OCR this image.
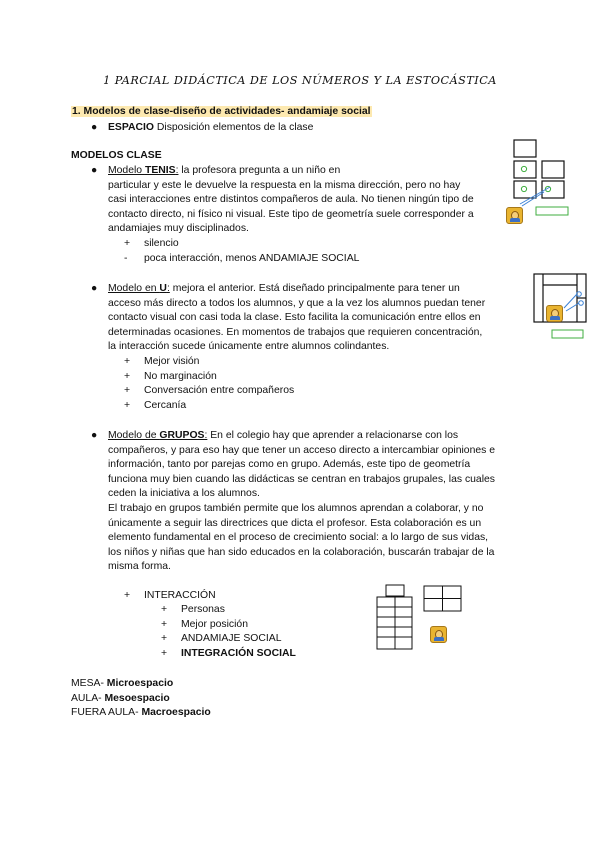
1 PARCIAL DIDÁCTICA DE LOS NÚMEROS Y LA ESTOCÁSTICA
1. Modelos de clase-diseño de actividades- andamiaje social
● ESPACIO Disposición elementos de la clase
MODELOS CLASE
● Modelo TENIS: la profesora pregunta a un niño en
particular y este le devuelve la respuesta en la misma dirección, pero no hay
casi interacciones entre distintos compañeros de aula. No tienen ningún tipo de
contacto directo, ni físico ni visual. Este tipo de geometría suele corresponder a
andamiajes muy disciplinados.
+ silencio
- poca interacción, menos ANDAMIAJE SOCIAL
● Modelo en U: mejora el anterior. Está diseñado principalmente para tener un
acceso más directo a todos los alumnos, y que a la vez los alumnos puedan tener
contacto visual con casi toda la clase. Esto facilita la comunicación entre ellos en
determinadas ocasiones. En momentos de trabajos que requieren concentración,
la interacción sucede únicamente entre alumnos colindantes.
+ Mejor visión
+ No marginación
+ Conversación entre compañeros
+ Cercanía
● Modelo de GRUPOS: En el colegio hay que aprender a relacionarse con los
compañeros, y para eso hay que tener un acceso directo a intercambiar opiniones e
información, tanto por parejas como en grupo. Además, este tipo de geometría
funciona muy bien cuando las didácticas se centran en trabajos grupales, las cuales
ceden la iniciativa a los alumnos.
El trabajo en grupos también permite que los alumnos aprendan a colaborar, y no
únicamente a seguir las directrices que dicta el profesor. Esta colaboración es un
elemento fundamental en el proceso de crecimiento social: a lo largo de sus vidas,
los niños y niñas que han sido educados en la colaboración, buscarán trabajar de la
misma forma.
+ INTERACCIÓN
+ Personas
+ Mejor posición
+ ANDAMIAJE SOCIAL
+ INTEGRACIÓN SOCIAL
MESA- Microespacio
AULA- Mesoespacio
FUERA AULA- Macroespacio
